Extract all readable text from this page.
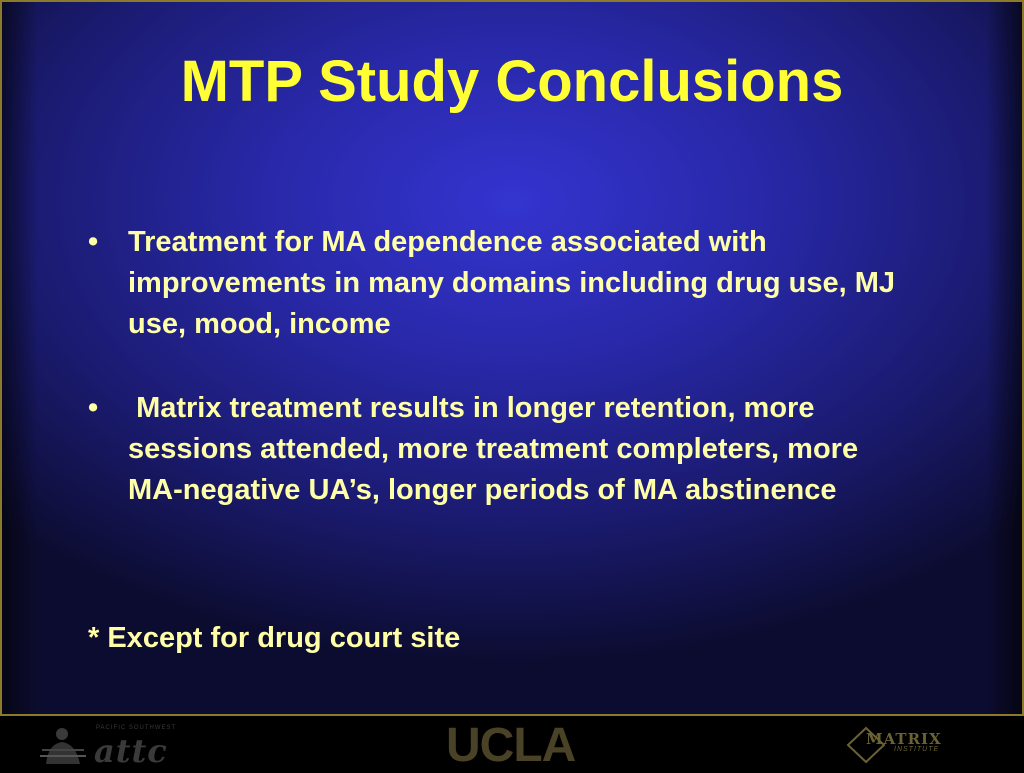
MTP Study Conclusions
• Treatment for MA dependence associated with improvements in many domains including drug use, MJ use, mood, income
• Matrix treatment results in longer retention, more sessions attended, more treatment completers, more MA-negative UA’s, longer periods of MA abstinence
* Except for drug court site
PACIFIC SOUTHWEST
attc	UCLA	MATRIX
INSTITUTE
